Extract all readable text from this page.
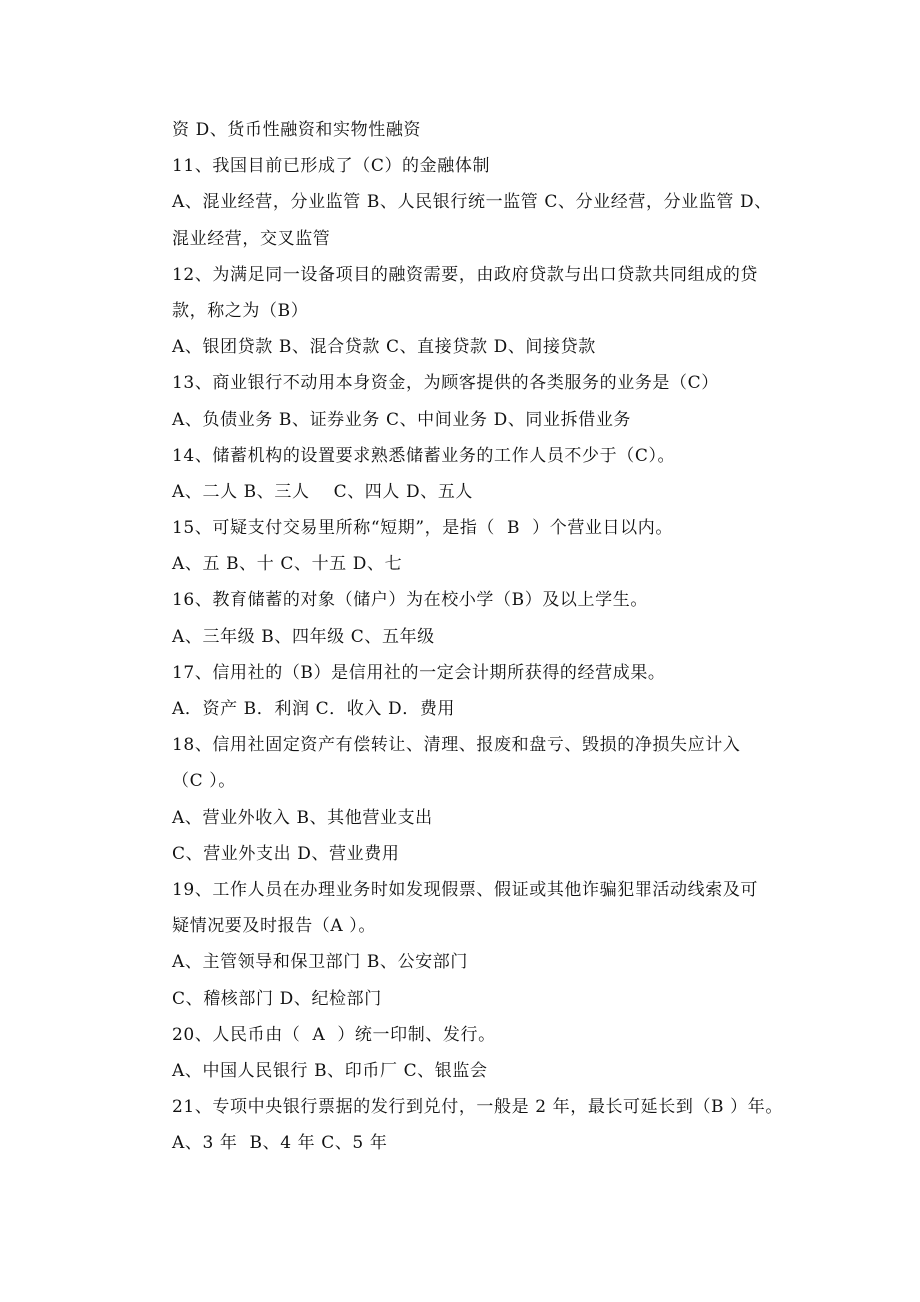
资 D、货币性融资和实物性融资
11、我国目前已形成了（C）的金融体制
A、混业经营，分业监管 B、人民银行统一监管 C、分业经营，分业监管 D、
混业经营，交叉监管
12、为满足同一设备项目的融资需要，由政府贷款与出口贷款共同组成的贷
款，称之为（B）
A、银团贷款 B、混合贷款 C、直接贷款 D、间接贷款
13、商业银行不动用本身资金，为顾客提供的各类服务的业务是（C）
A、负债业务 B、证券业务 C、中间业务 D、同业拆借业务
14、储蓄机构的设置要求熟悉储蓄业务的工作人员不少于（C）。
A、二人 B、三人    C、四人 D、五人
15、可疑支付交易里所称“短期”，是指（  B  ）个营业日以内。
A、五 B、十 C、十五 D、七
16、教育储蓄的对象（储户）为在校小学（B）及以上学生。
A、三年级 B、四年级 C、五年级
17、信用社的（B）是信用社的一定会计期所获得的经营成果。
A．资产 B．利润 C．收入 D．费用
18、信用社固定资产有偿转让、清理、报废和盘亏、毁损的净损失应计入
（C ）。
A、营业外收入 B、其他营业支出
C、营业外支出 D、营业费用
19、工作人员在办理业务时如发现假票、假证或其他诈骗犯罪活动线索及可
疑情况要及时报告（A ）。
A、主管领导和保卫部门 B、公安部门
C、稽核部门 D、纪检部门
20、人民币由（  A  ）统一印制、发行。
A、中国人民银行 B、印币厂 C、银监会
21、专项中央银行票据的发行到兑付，一般是 2 年，最长可延长到（B ）年。
A、3 年  B、4 年 C、5 年
